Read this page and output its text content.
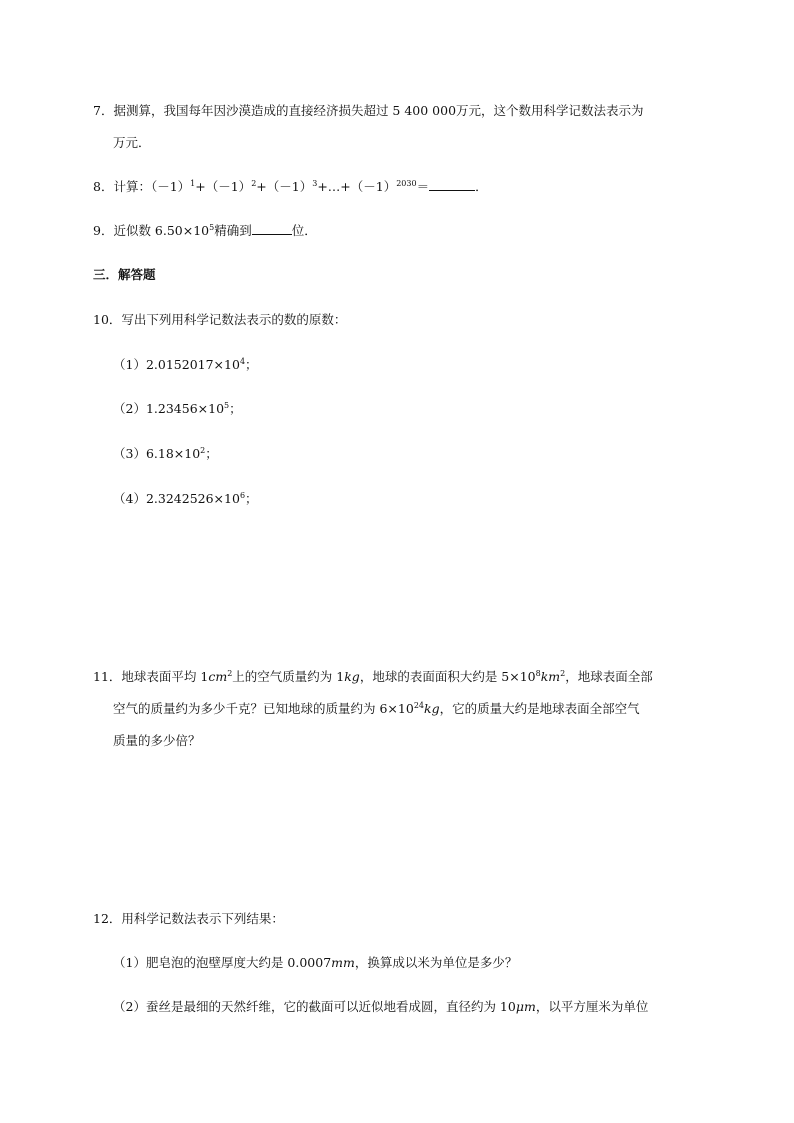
7．据测算，我国每年因沙漠造成的直接经济损失超过 5 400 000万元，这个数用科学记数法表示为
万元．
8．计算：$(-1)^1+(-1)^2+(-1)^3+\dots+(-1)^{2030}=$	．
9．近似数 $6.50\times 10^5$精确到	位．
三．解答题
10．写出下列用科学记数法表示的数的原数：
$(1)2.0152017\times 10^4$；
$(2)1.23456\times 10^5$；
$(3)6.18\times 10^2$；
$(4)2.3242526\times 10^6$；
11．地球表面平均 $1cm^2$上的空气质量约为 1kg，地球的表面面积大约是 $5\times 10^8km^2$，地球表面全部
空气的质量约为多少千克？已知地球的质量约为 $6\times 10^{24}kg$，它的质量大约是地球表面全部空气
质量的多少倍？
12．用科学记数法表示下列结果：
（1）肥皂泡的泡壁厚度大约是 0.0007mm，换算成以米为单位是多少？
（2）蚕丝是最细的天然纤维，它的截面可以近似地看成圆，直径约为 10μm，以平方厘米为单位
